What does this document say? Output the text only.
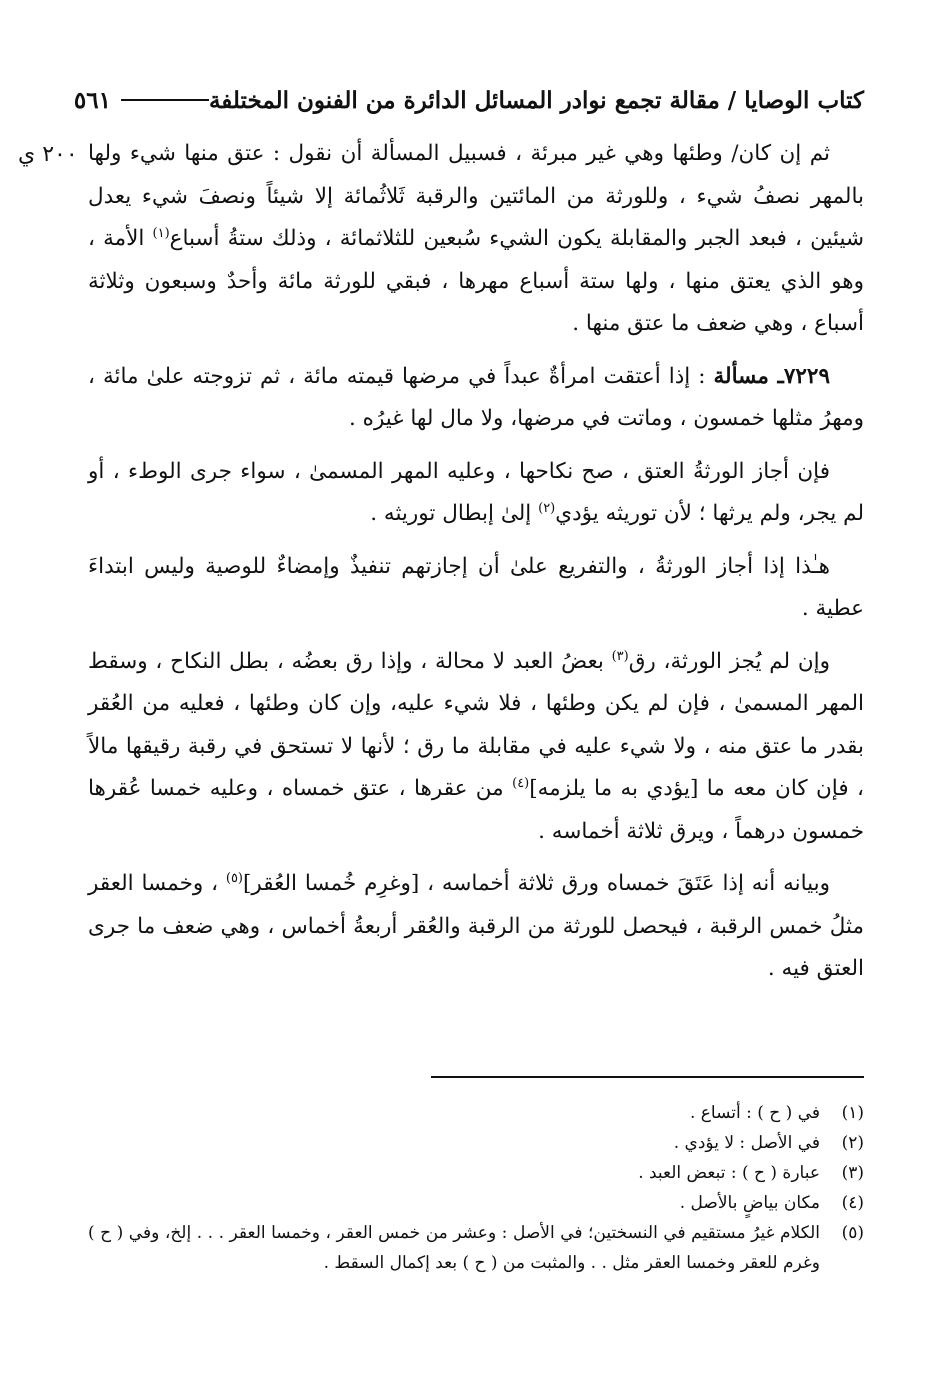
كتاب الوصايا / مقالة تجمع نوادر المسائل الدائرة من الفنون المختلفة
٥٦١
٢٠٠ ي ثم إن كان/ وطئها وهي غير مبرئة ، فسبيل المسألة أن نقول : عتق منها شيء ولها بالمهر نصفُ شيء ، وللورثة من المائتين والرقبة ثَلاثُمائة إلا شيئاً ونصفَ شيء يعدل شيئين ، فبعد الجبر والمقابلة يكون الشيء سُبعين للثلاثمائة ، وذلك ستةُ أسباع$^{(١)}$ الأمة ، وهو الذي يعتق منها ، ولها ستة أسباع مهرها ، فبقي للورثة مائة وأحدٌ وسبعون وثلاثة أسباع ، وهي ضعف ما عتق منها .

٧٢٢٩ـ مسألة : إذا أعتقت امرأةٌ عبداً في مرضها قيمته مائة ، ثم تزوجته علىٰ مائة ، ومهرُ مثلها خمسون ، وماتت في مرضها، ولا مال لها غيرُه .

فإن أجاز الورثةُ العتق ، صح نكاحها ، وعليه المهر المسمىٰ ، سواء جرى الوطء ، أو لم يجر، ولم يرثها ؛ لأن توريثه يؤدي$^{(٢)}$ إلىٰ إبطال توريثه .

هـٰذا إذا أجاز الورثةُ ، والتفريع علىٰ أن إجازتهم تنفيذٌ وإمضاءٌ للوصية وليس ابتداءَ عطية .

وإن لم يُجز الورثة، رق$^{(٣)}$ بعضُ العبد لا محالة ، وإذا رق بعضُه ، بطل النكاح ، وسقط المهر المسمىٰ ، فإن لم يكن وطئها ، فلا شيء عليه، وإن كان وطئها ، فعليه من العُقر بقدر ما عتق منه ، ولا شيء عليه في مقابلة ما رق ؛ لأنها لا تستحق في رقبة رقيقها مالاً ، فإن كان معه ما [يؤدي به ما يلزمه]$^{(٤)}$ من عقرها ، عتق خمساه ، وعليه خمسا عُقرها خمسون درهماً ، ويرق ثلاثة أخماسه .

وبيانه أنه إذا عَتَقَ خمساه ورق ثلاثة أخماسه ، [وغرِم خُمسا العُقر]$^{(٥)}$ ، وخمسا العقر مثلُ خمس الرقبة ، فيحصل للورثة من الرقبة والعُقر أربعةُ أخماس ، وهي ضعف ما جرى العتق فيه .

(١)
في ( ح ) : أتساع .
(٢)
في الأصل : لا يؤدي .
(٣)
عبارة ( ح ) : تبعض العبد .
(٤)
مكان بياضٍ بالأصل .
(٥)
الكلام غيرُ مستقيم في النسختين؛ في الأصل : وعشر من خمس العقر ، وخمسا العقر . . . إلخ، وفي ( ح ) وغرم للعقر وخمسا العقر مثل . . والمثبت من ( ح ) بعد إكمال السقط .
